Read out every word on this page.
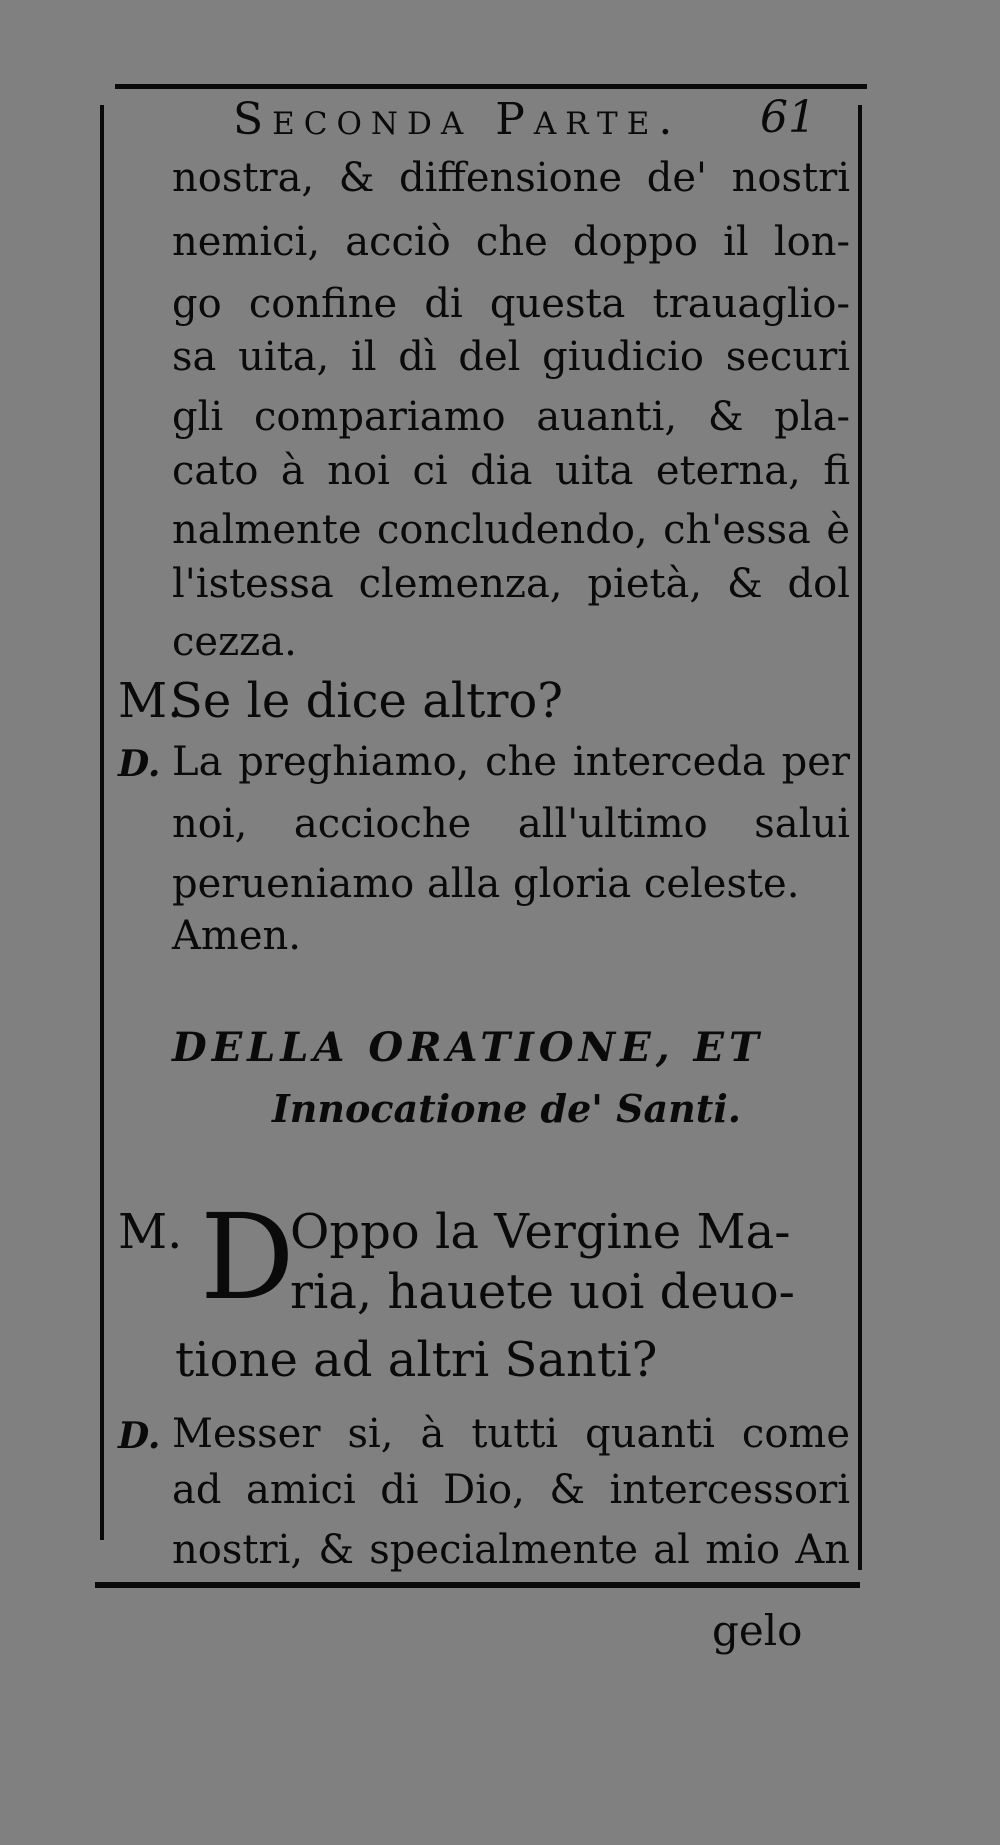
Seconda Parte. 61
nostra, & diffensione de' nostri
nemici, acciò che doppo il lon-
go confine di questa trauaglio-
sa uita, il dì del giudicio securi
gli compariamo auanti, & pla-
cato à noi ci dia uita eterna, fi
nalmente concludendo, ch'essa è
l'istessa clemenza, pietà, & dol
cezza.
M.
Se le dice altro?
D. La preghiamo, che interceda per
noi, accioche all'ultimo salui
perueniamo alla gloria celeste.
Amen.
DELLA ORATIONE, ET
Innocatione de' Santi.
M. D
Oppo la Vergine Ma-
ria, hauete uoi deuo-
tione ad altri Santi?
D. Messer si, à tutti quanti come
ad amici di Dio, & intercessori
nostri, & specialmente al mio An
gelo
